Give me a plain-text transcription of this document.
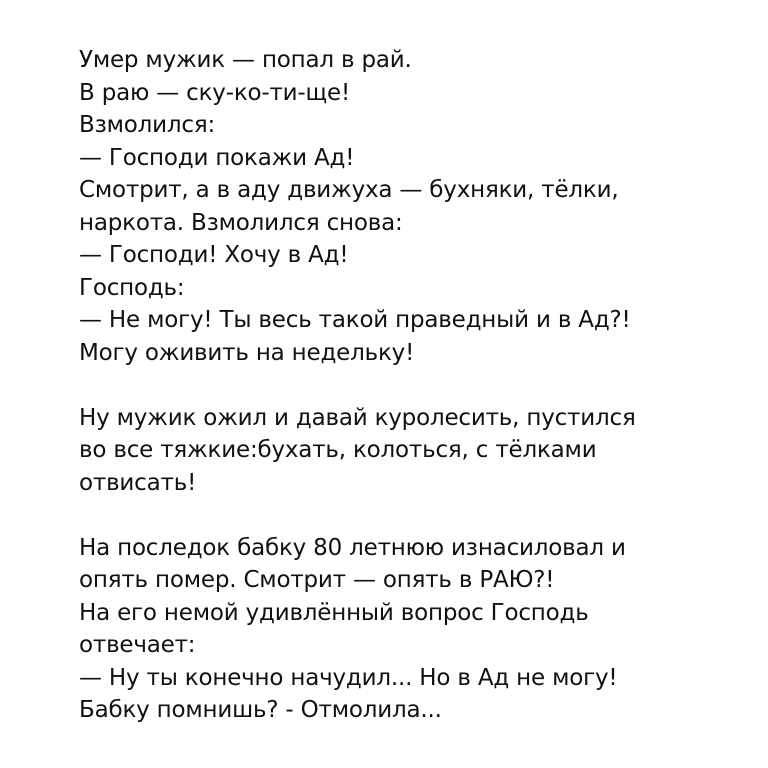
Умер мужик — попал в рай.
В раю — ску-ко-ти-ще!
Взмолился:
— Господи покажи Ад!
Смотрит, а в аду движуха — бухняки, тёлки,
наркота. Взмолился снова:
— Господи! Хочу в Ад!
Господь:
— Не могу! Ты весь такой праведный и в Ад?!
Могу оживить на недельку!
Ну мужик ожил и давай куролесить, пустился
во все тяжкие:бухать, колоться, с тёлками
отвисать!
На последок бабку 80 летнюю изнасиловал и
опять помер. Смотрит — опять в РАЮ?!
На его немой удивлённый вопрос Господь
отвечает:
— Ну ты конечно начудил... Но в Ад не могу!
Бабку помнишь? - Отмолила...
